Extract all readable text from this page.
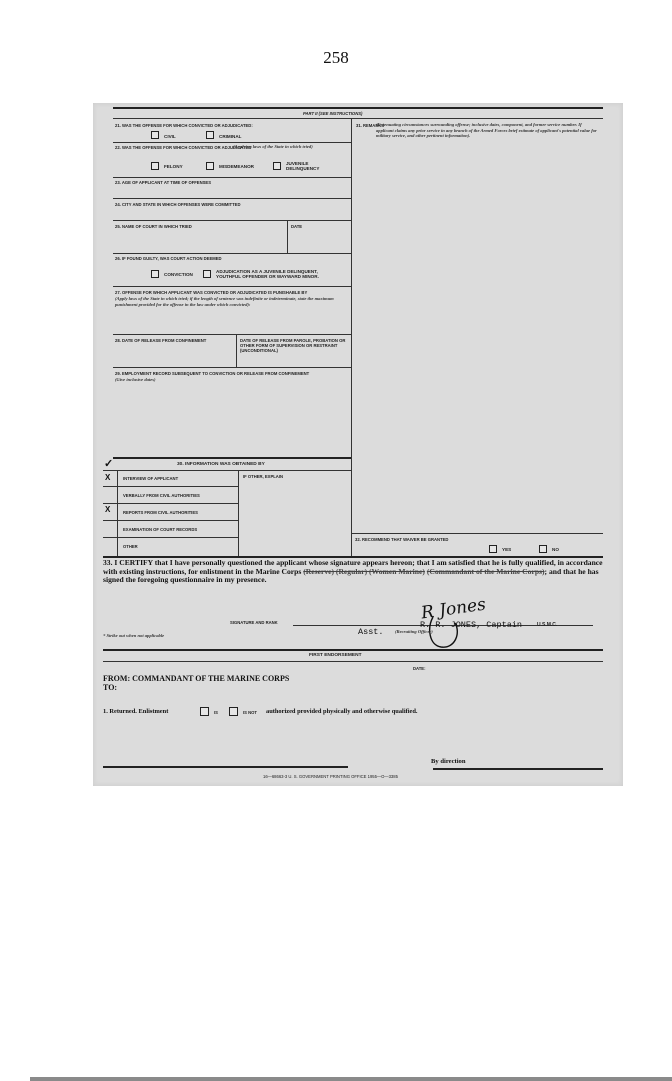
258
PART II (SEE INSTRUCTIONS)
21. WAS THE OFFENSE FOR WHICH CONVICTED OR ADJUDICATED:
CIVIL	CRIMINAL
22. WAS THE OFFENSE FOR WHICH CONVICTED OR ADJUDICATED
(Applying laws of the State in which tried)
FELONY	MISDEMEANOR
JUVENILE DELINQUENCY
23. AGE OF APPLICANT AT TIME OF OFFENSES
24. CITY AND STATE IN WHICH OFFENSES WERE COMMITTED
25. NAME OF COURT IN WHICH TRIED	DATE
26. IF FOUND GUILTY, WAS COURT ACTION DEEMED
CONVICTION
ADJUDICATION AS A JUVENILE DELINQUENT, YOUTHFUL OFFENDER OR WAYWARD MINOR.
27. OFFENSE FOR WHICH APPLICANT WAS CONVICTED OR ADJUDICATED IS PUNISHABLE BY
(Apply laws of the State in which tried; if the length of sentence was indefinite or indeterminate, state the maximum punishment provided for the offense in the law under which convicted):
28. DATE OF RELEASE FROM CONFINEMENT	DATE OF RELEASE FROM PAROLE, PROBATION OR OTHER FORM OF SUPERVISION OR RESTRAINT (UNCONDITIONAL)
29. EMPLOYMENT RECORD SUBSEQUENT TO CONVICTION OR RELEASE FROM CONFINEMENT
(Give inclusive dates)
✓	30. INFORMATION WAS OBTAINED BY
IF OTHER, EXPLAIN
X	INTERVIEW OF APPLICANT
VERBALLY FROM CIVIL AUTHORITIES
X	REPORTS FROM CIVIL AUTHORITIES
EXAMINATION OF COURT RECORDS
OTHER
31. REMARKS
(Extenuating circumstances surrounding offense; inclusive dates, component, and former service number. If applicant claims any prior service in any branch of the Armed Forces brief estimate of applicant's potential value for military service, and other pertinent information).
32. RECOMMEND THAT WAIVER BE GRANTED
YES	NO
33. I CERTIFY that I have personally questioned the applicant whose signature appears hereon; that I am satisfied that he is fully qualified, in accordance with existing instructions, for enlistment in the Marine Corps (Reserve) (Regular) (Women Marine) (Commandant of the Marine Corps); and that he has signed the foregoing questionnaire in my presence.
SIGNATURE AND RANK	R Jones
R. R. JONES, Captain	U.S.M.C.
Asst. (Recruiting Officer)
* Strike out when not applicable
FIRST ENDORSEMENT
DATE:
FROM: COMMANDANT OF THE MARINE CORPS
TO:
1. Returned. Enlistment	IS	IS NOT authorized provided physically and otherwise qualified.
By direction
16—68663-3 U. S. GOVERNMENT PRINTING OFFICE 1955—O—3385
